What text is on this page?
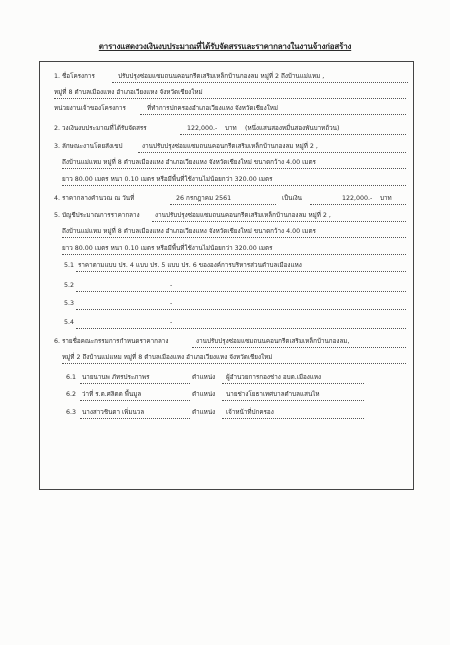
ตารางแสดงวงเงินงบประมาณที่ได้รับจัดสรรและราคากลางในงานจ้างก่อสร้าง
1. ชื่อโครงการ	ปรับปรุงซ่อมแซมถนนคอนกรีตเสริมเหล็กบ้านกองลม หมู่ที่ 2 ถึงบ้านแม่แหม ,
หมู่ที่ 8 ตำบลเมืองแหง อำเภอเวียงแหง จังหวัดเชียงใหม่
หน่วยงานเจ้าของโครงการ	ที่ทำการปกครองอำเภอเวียงแหง จังหวัดเชียงใหม่
2. วงเงินงบประมาณที่ได้รับจัดสรร	122,000.- บาท (หนึ่งแสนสองหมื่นสองพันบาทถ้วน)
3. ลักษณะงานโดยสังเขป	งานปรับปรุงซ่อมแซมถนนคอนกรีตเสริมเหล็กบ้านกองลม หมู่ที่ 2 ,
ถึงบ้านแม่แหม หมู่ที่ 8 ตำบลเมืองแหง อำเภอเวียงแหง จังหวัดเชียงใหม่ ขนาดกว้าง 4.00 เมตร
ยาว 80.00 เมตร หนา 0.10 เมตร หรือมีพื้นที่ใช้งานไม่น้อยกว่า 320.00 เมตร
4. ราคากลางคำนวณ ณ วันที่	26 กรกฎาคม 2561	เป็นเงิน	122,000.- บาท
5. บัญชีประมาณการราคากลาง งานปรับปรุงซ่อมแซมถนนคอนกรีตเสริมเหล็กบ้านกองลม หมู่ที่ 2 ,
ถึงบ้านแม่แหม หมู่ที่ 8 ตำบลเมืองแหง อำเภอเวียงแหง จังหวัดเชียงใหม่ ขนาดกว้าง 4.00 เมตร
ยาว 80.00 เมตร หนา 0.10 เมตร หรือมีพื้นที่ใช้งานไม่น้อยกว่า 320.00 เมตร
5.1 ราคาตามแบบ ปร. 4 แบบ ปร. 5 แบบ ปร. 6 ขององค์การบริหารส่วนตำบลเมืองแหง
5.2	-
5.3	-
5.4	-
6. รายชื่อคณะกรรมการกำหนดราคากลาง	งานปรับปรุงซ่อมแซมถนนคอนกรีตเสริมเหล็กบ้านกองลม,
หมู่ที่ 2 ถึงบ้านแม่แหม หมู่ที่ 8 ตำบลเมืองแหง อำเภอเวียงแหง จังหวัดเชียงใหม่
6.1 นายนานพ ภัทรประภาพร	ตำแหน่ง ผู้อำนวยการกองช่าง อบต.เมืองแหง
6.2 ว่าที่ ร.ต.ศลิตต พื้นมูล	ตำแหน่ง นายช่างโยธาเทศบาลตำบลแสนไห
6.3 นางสาวชินตา เพิ่มนวล	ตำแหน่ง เจ้าหน้าที่ปกครอง
